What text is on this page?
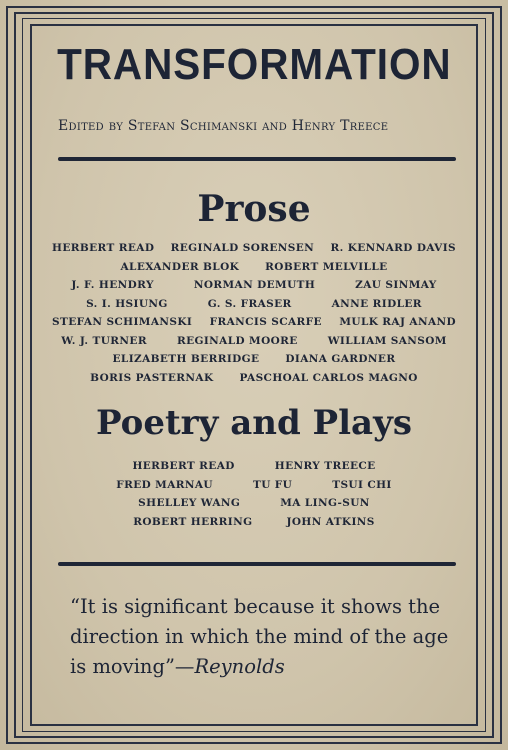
TRANSFORMATION
Edited by Stefan Schimanski and Henry Treece
Prose
HERBERT READ REGINALD SORENSEN R. KENNARD DAVIS
ALEXANDER BLOK ROBERT MELVILLE
J. F. HENDRY	NORMAN DEMUTH	ZAU SINMAY
S. I. HSIUNG	G. S. FRASER	ANNE RIDLER
STEFAN SCHIMANSKI FRANCIS SCARFE MULK RAJ ANAND
W. J. TURNER	REGINALD MOORE	WILLIAM SANSOM
ELIZABETH BERRIDGE DIANA GARDNER
BORIS PASTERNAK PASCHOAL CARLOS MAGNO
Poetry and Plays
HERBERT READ	HENRY TREECE
FRED MARNAU	TU FU	TSUI CHI
SHELLEY WANG	MA LING-SUN
ROBERT HERRING	JOHN ATKINS
“It is significant because it shows the direction in which the mind of the age is moving”—Reynolds
